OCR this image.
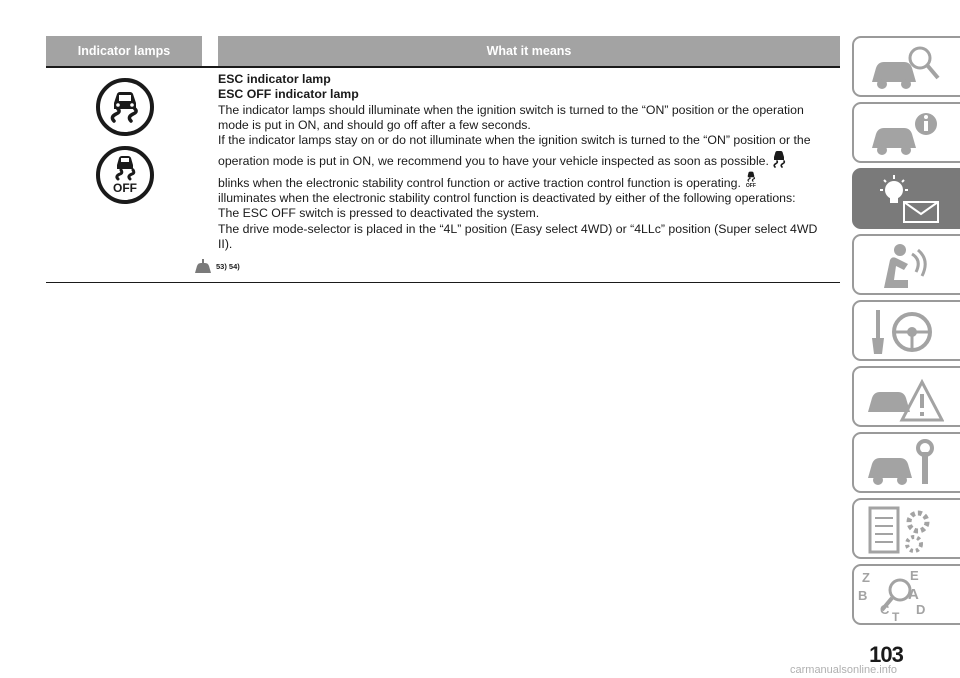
Indicator lamps	What it means
OFF
ESC indicator lamp
ESC OFF indicator lamp

The indicator lamps should illuminate when the ignition switch is turned to the “ON” position or the operation mode is put in ON, and should go off after a few seconds.

If the indicator lamps stay on or do not illuminate when the ignition switch is turned to the “ON” position or the operation mode is put in ON, we recommend you to have your vehicle inspected as soon as possible.

blinks when the electronic stability control function or active traction control function is operating.	OFF

illuminates when the electronic stability control function is deactivated by either of the following operations:

The ESC OFF switch is pressed to deactivated the system.

The drive mode-selector is placed in the “4L” position (Easy select 4WD) or “4LLc” position (Super select 4WD II).

53) 54)
Z	E
B	A
C D
T
103
carmanualsonline.info
